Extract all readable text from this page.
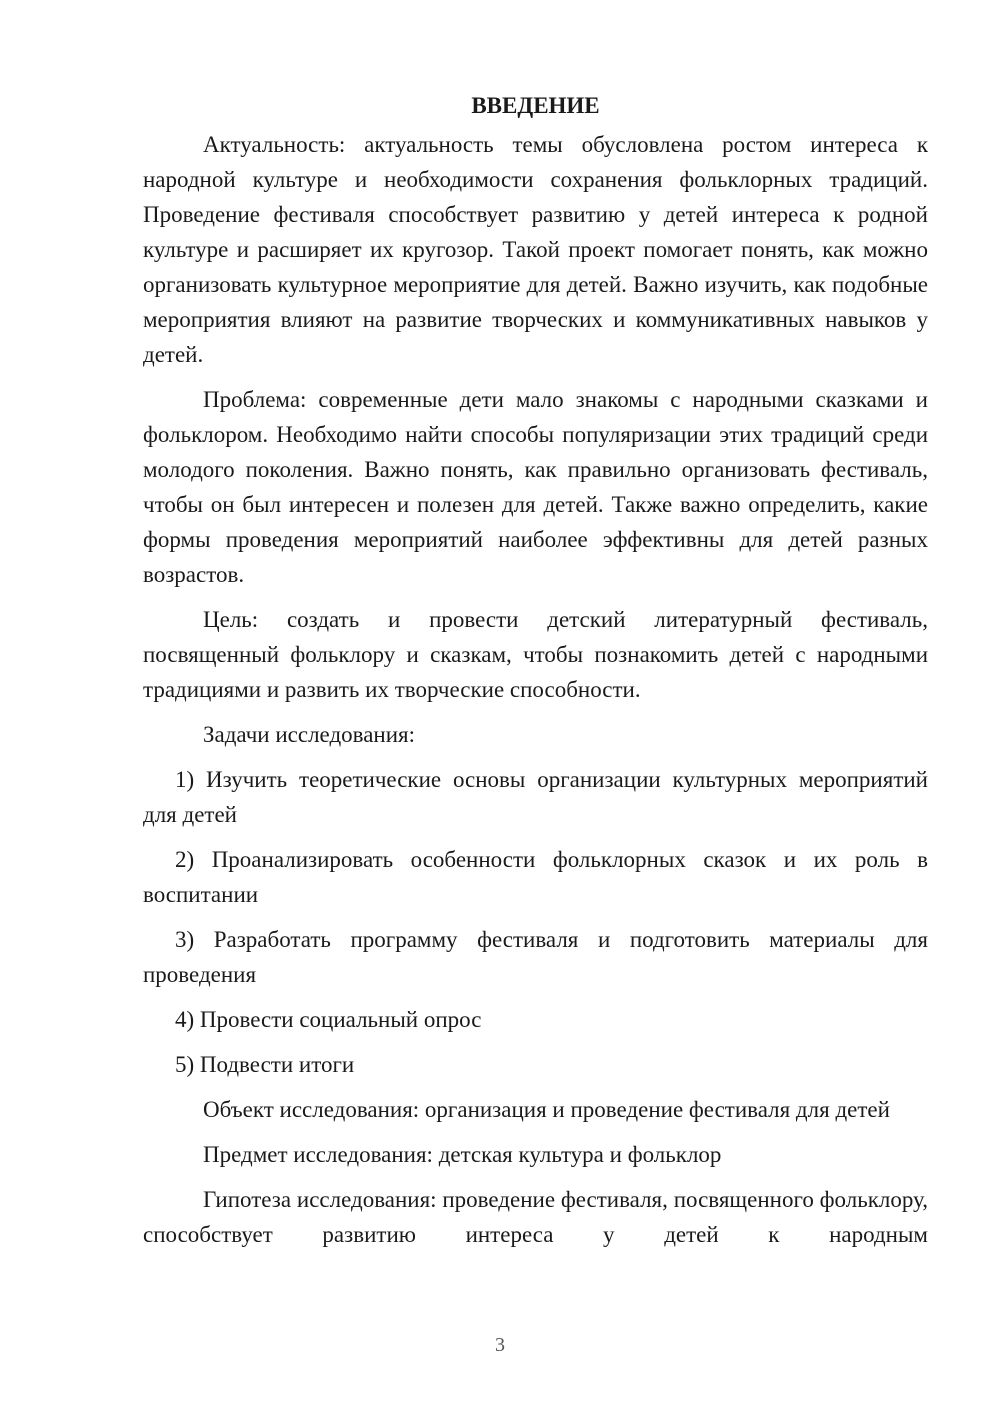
ВВЕДЕНИЕ

Актуальность: актуальность темы обусловлена ростом интереса к народной культуре и необходимости сохранения фольклорных традиций. Проведение фестиваля способствует развитию у детей интереса к родной культуре и расширяет их кругозор. Такой проект помогает понять, как можно организовать культурное мероприятие для детей. Важно изучить, как подобные мероприятия влияют на развитие творческих и коммуникативных навыков у детей.

Проблема: современные дети мало знакомы с народными сказками и фольклором. Необходимо найти способы популяризации этих традиций среди молодого поколения. Важно понять, как правильно организовать фестиваль, чтобы он был интересен и полезен для детей. Также важно определить, какие формы проведения мероприятий наиболее эффективны для детей разных возрастов.

Цель: создать и провести детский литературный фестиваль, посвященный фольклору и сказкам, чтобы познакомить детей с народными традициями и развить их творческие способности.

Задачи исследования:

1) Изучить теоретические основы организации культурных мероприятий для детей

2) Проанализировать особенности фольклорных сказок и их роль в воспитании

3) Разработать программу фестиваля и подготовить материалы для проведения

4) Провести социальный опрос

5) Подвести итоги

Объект исследования: организация и проведение фестиваля для детей

Предмет исследования: детская культура и фольклор

Гипотеза исследования: проведение фестиваля, посвященного фольклору, способствует развитию интереса у детей к народным

3
